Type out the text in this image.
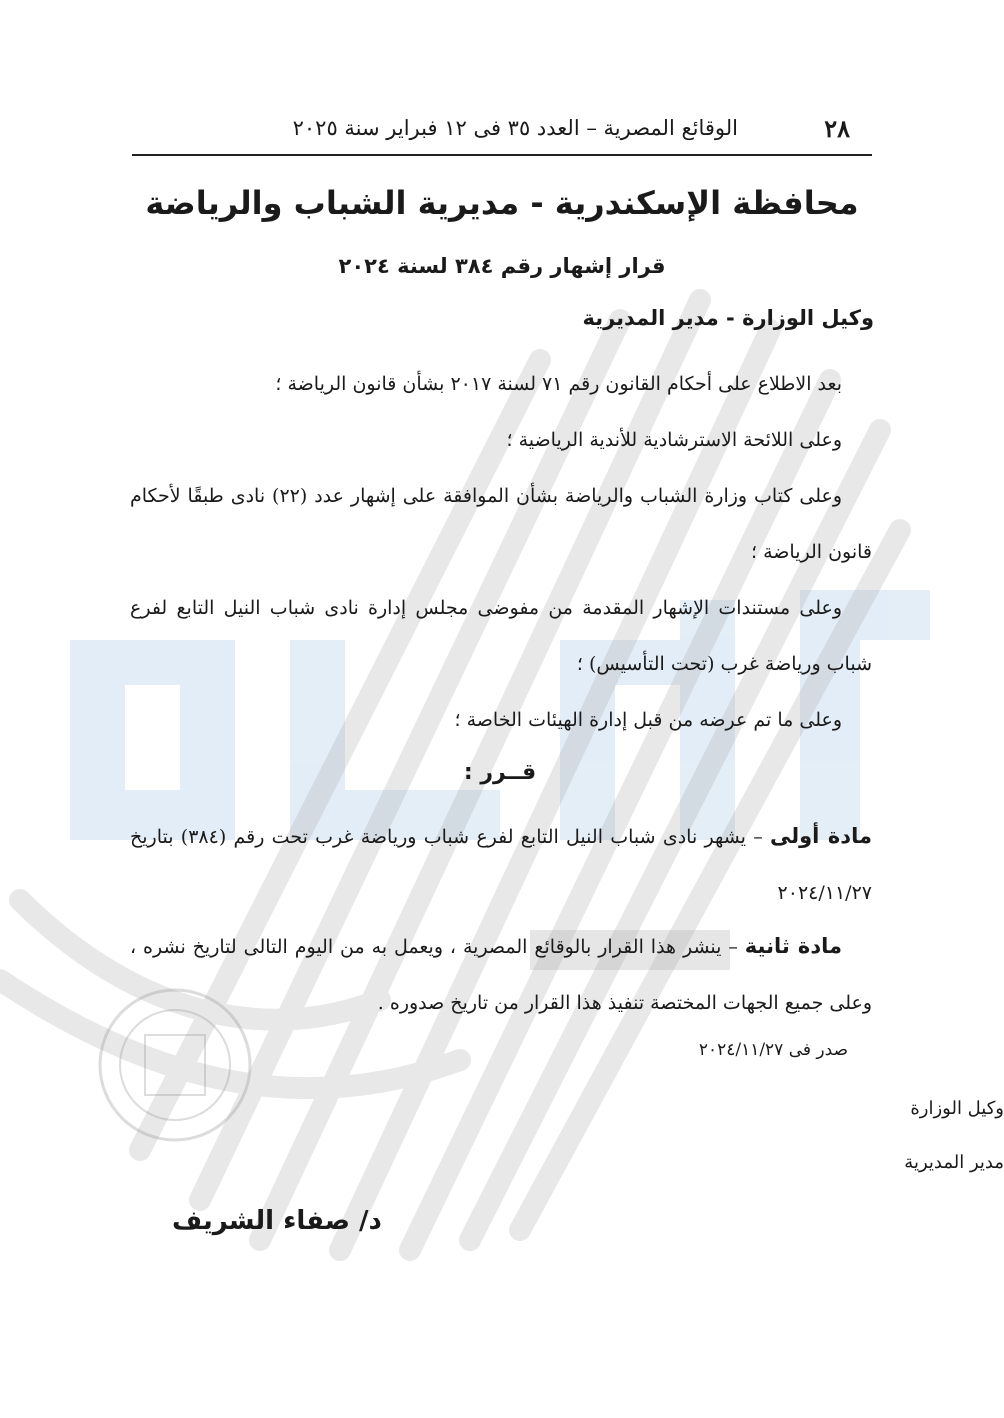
٢٨
الوقائع المصرية – العدد ٣٥ فى ١٢ فبراير سنة ٢٠٢٥
محافظة الإسكندرية - مديرية الشباب والرياضة
قرار إشهار رقم ٣٨٤ لسنة ٢٠٢٤
وكيل الوزارة - مدير المديرية
بعد الاطلاع على أحكام القانون رقم ٧١ لسنة ٢٠١٧ بشأن قانون الرياضة ؛
وعلى اللائحة الاسترشادية للأندية الرياضية ؛
وعلى كتاب وزارة الشباب والرياضة بشأن الموافقة على إشهار عدد (٢٢) نادى طبقًا لأحكام قانون الرياضة ؛
وعلى مستندات الإشهار المقدمة من مفوضى مجلس إدارة نادى شباب النيل التابع لفرع شباب ورياضة غرب (تحت التأسيس) ؛
وعلى ما تم عرضه من قبل إدارة الهيئات الخاصة ؛
قــرر :
مادة أولى – يشهر نادى شباب النيل التابع لفرع شباب ورياضة غرب تحت رقم (٣٨٤) بتاريخ ٢٠٢٤/١١/٢٧
مادة ثانية – ينشر هذا القرار بالوقائع المصرية ، ويعمل به من اليوم التالى لتاريخ نشره ، وعلى جميع الجهات المختصة تنفيذ هذا القرار من تاريخ صدوره .
صدر فى ٢٠٢٤/١١/٢٧
وكيل الوزارة
مدير المديرية
د/ صفاء الشريف
